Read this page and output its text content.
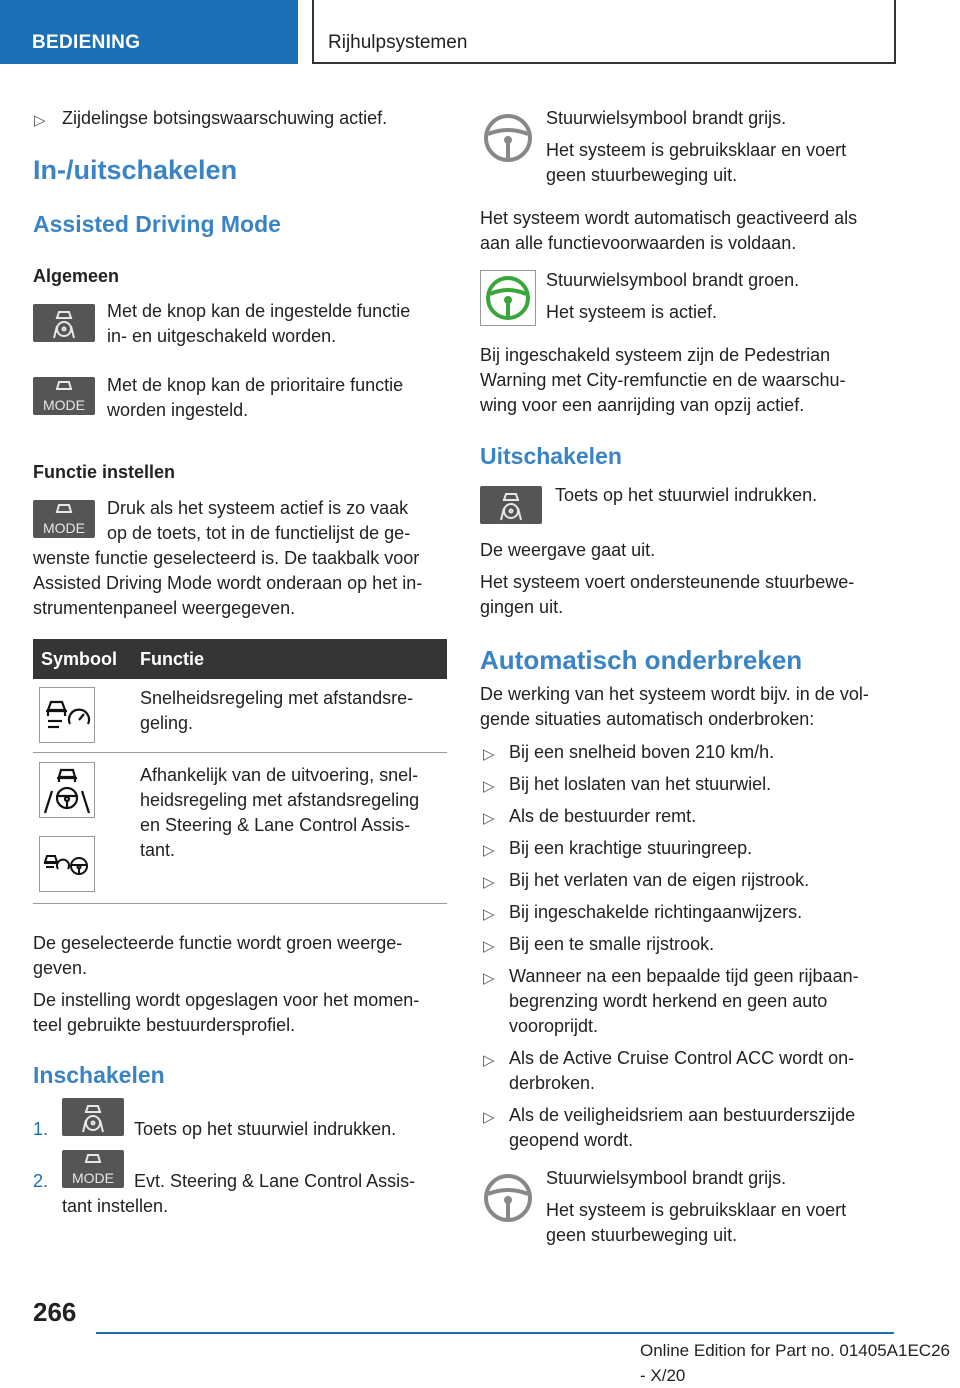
BEDIENING	Rijhulpsystemen
▷ Zijdelingse botsingswaarschuwing actief.
In-/uitschakelen
Assisted Driving Mode
Algemeen
Met de knop kan de ingestelde functie
in- en uitgeschakeld worden.
MODE
Met de knop kan de prioritaire functie
worden ingesteld.
Functie instellen
MODE
Druk als het systeem actief is zo vaak
op de toets, tot in de functielijst de ge-
wenste functie geselecteerd is. De taakbalk voor
Assisted Driving Mode wordt onderaan op het in-
strumentenpaneel weergegeven.
Symbool Functie
Snelheidsregeling met afstandsre-
geling.
Afhankelijk van de uitvoering, snel-
heidsregeling met afstandsregeling
en Steering & Lane Control Assis-
tant.
De geselecteerde functie wordt groen weerge-
geven.
De instelling wordt opgeslagen voor het momen-
teel gebruikte bestuurdersprofiel.
Inschakelen
1.	Toets op het stuurwiel indrukken.
2. MODE Evt. Steering & Lane Control Assis-
tant instellen.
Stuurwielsymbool brandt grijs.
Het systeem is gebruiksklaar en voert
geen stuurbeweging uit.
Het systeem wordt automatisch geactiveerd als
aan alle functievoorwaarden is voldaan.
Stuurwielsymbool brandt groen.
Het systeem is actief.
Bij ingeschakeld systeem zijn de Pedestrian
Warning met City-remfunctie en de waarschu-
wing voor een aanrijding van opzij actief.
Uitschakelen
Toets op het stuurwiel indrukken.
De weergave gaat uit.
Het systeem voert ondersteunende stuurbewe-
gingen uit.
Automatisch onderbreken
De werking van het systeem wordt bijv. in de vol-
gende situaties automatisch onderbroken:
▷ Bij een snelheid boven 210 km/h.
▷ Bij het loslaten van het stuurwiel.
▷ Als de bestuurder remt.
▷ Bij een krachtige stuuringreep.
▷ Bij het verlaten van de eigen rijstrook.
▷ Bij ingeschakelde richtingaanwijzers.
▷ Bij een te smalle rijstrook.
▷ Wanneer na een bepaalde tijd geen rijbaan-
begrenzing wordt herkend en geen auto
vooroprijdt.
▷ Als de Active Cruise Control ACC wordt on-
derbroken.
▷ Als de veiligheidsriem aan bestuurderszijde
geopend wordt.
Stuurwielsymbool brandt grijs.
Het systeem is gebruiksklaar en voert
geen stuurbeweging uit.
266
Online Edition for Part no. 01405A1EC26 - X/20
